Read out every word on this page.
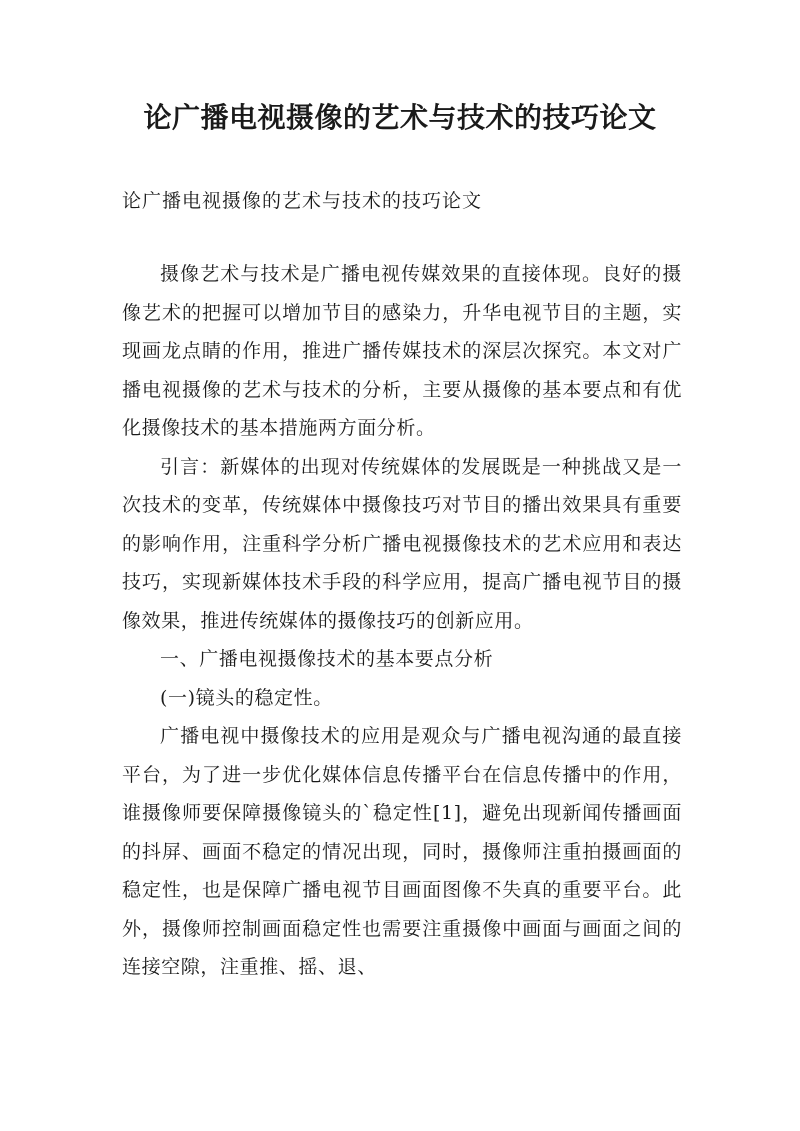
论广播电视摄像的艺术与技术的技巧论文

论广播电视摄像的艺术与技术的技巧论文

摄像艺术与技术是广播电视传媒效果的直接体现。良好的摄像艺术的把握可以增加节目的感染力，升华电视节目的主题，实现画龙点睛的作用，推进广播传媒技术的深层次探究。本文对广播电视摄像的艺术与技术的分析，主要从摄像的基本要点和有优化摄像技术的基本措施两方面分析。

引言：新媒体的出现对传统媒体的发展既是一种挑战又是一次技术的变革，传统媒体中摄像技巧对节目的播出效果具有重要的影响作用，注重科学分析广播电视摄像技术的艺术应用和表达技巧，实现新媒体技术手段的科学应用，提高广播电视节目的摄像效果，推进传统媒体的摄像技巧的创新应用。

一、广播电视摄像技术的基本要点分析

(一)镜头的稳定性。

广播电视中摄像技术的应用是观众与广播电视沟通的最直接平台，为了进一步优化媒体信息传播平台在信息传播中的作用，谁摄像师要保障摄像镜头的`稳定性[1]，避免出现新闻传播画面的抖屏、画面不稳定的情况出现，同时，摄像师注重拍摄画面的稳定性，也是保障广播电视节目画面图像不失真的重要平台。此外，摄像师控制画面稳定性也需要注重摄像中画面与画面之间的连接空隙，注重推、摇、退、
